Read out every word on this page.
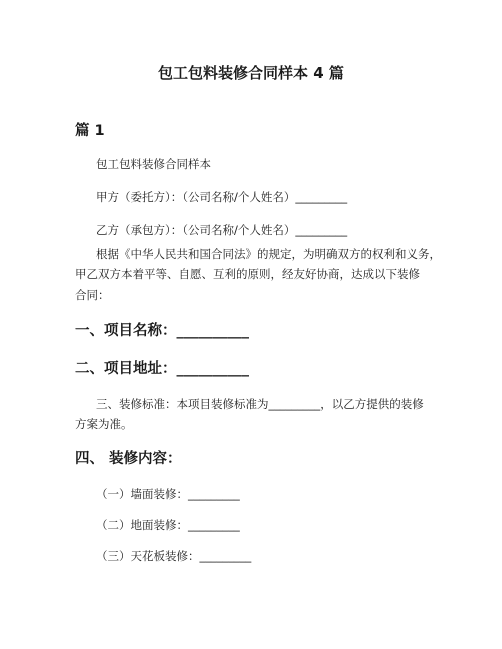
包工包料装修合同样本 4 篇
篇 1
包工包料装修合同样本
甲方（委托方）：（公司名称/个人姓名）_________
乙方（承包方）：（公司名称/个人姓名）_________
根据《中华人民共和国合同法》的规定，为明确双方的权利和义务，
甲乙双方本着平等、自愿、互利的原则，经友好协商，达成以下装修
合同：
一、项目名称：__________
二、项目地址：__________
三、装修标准：本项目装修标准为_________，以乙方提供的装修
方案为准。
四、 装修内容：
（一）墙面装修：_________
（二）地面装修：_________
（三）天花板装修：_________
